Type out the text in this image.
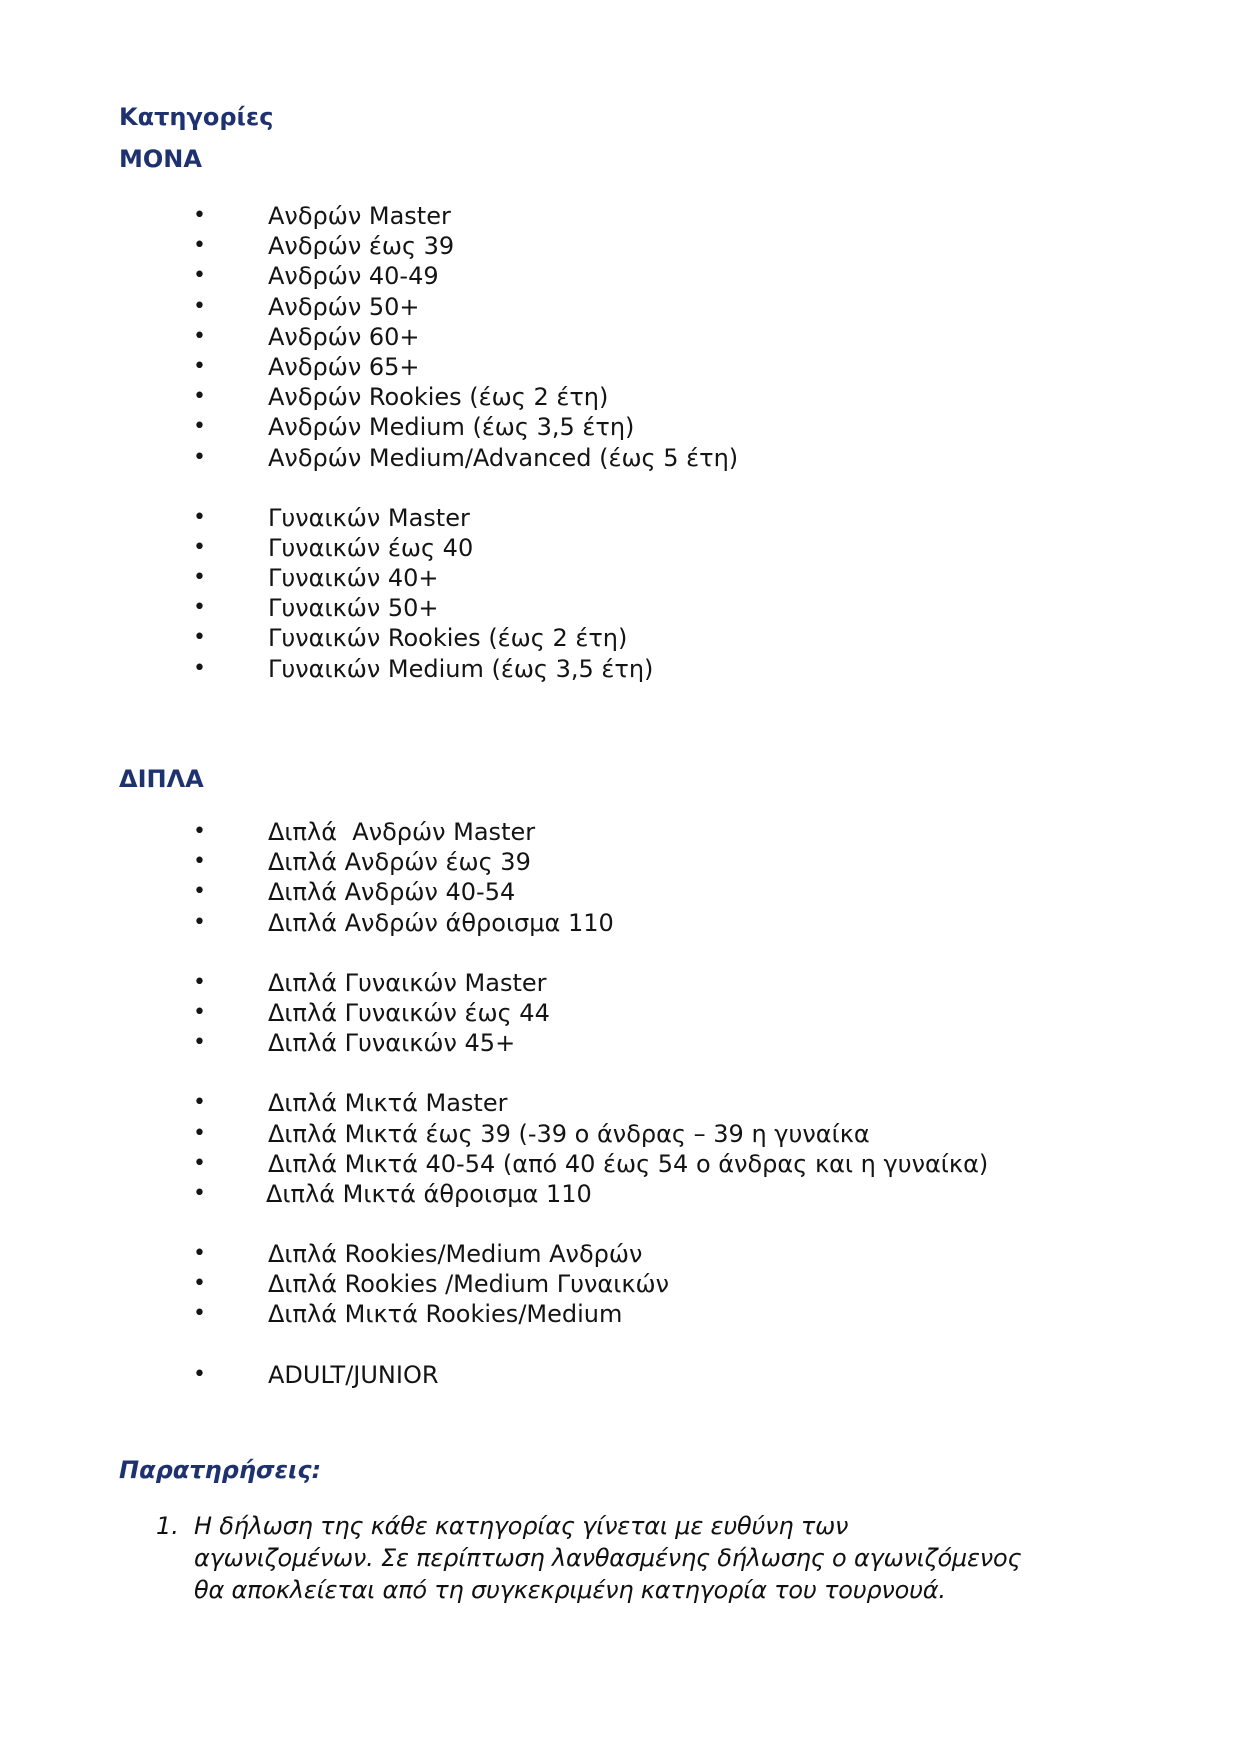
Κατηγορίες
ΜΟΝΑ
•	Ανδρών Master
•	Ανδρών έως 39
•	Ανδρών 40-49
•	Ανδρών 50+
•	Ανδρών 60+
•	Ανδρών 65+
•	Ανδρών Rookies (έως 2 έτη)
•	Ανδρών Medium (έως 3,5 έτη)
•	Ανδρών Medium/Advanced (έως 5 έτη)
•	Γυναικών Master
•	Γυναικών έως 40
•	Γυναικών 40+
•	Γυναικών 50+
•	Γυναικών Rookies (έως 2 έτη)
•	Γυναικών Medium (έως 3,5 έτη)
ΔΙΠΛΑ
•	Διπλά  Ανδρών Master
•	Διπλά Ανδρών έως 39
•	Διπλά Ανδρών 40-54
•	Διπλά Ανδρών άθροισμα 110
•	Διπλά Γυναικών Master
•	Διπλά Γυναικών έως 44
•	Διπλά Γυναικών 45+
•	Διπλά Μικτά Master
•	Διπλά Μικτά έως 39 (-39 ο άνδρας – 39 η γυναίκα
•	Διπλά Μικτά 40-54 (από 40 έως 54 ο άνδρας και η γυναίκα)
•	Διπλά Μικτά άθροισμα 110
•	Διπλά Rookies/Medium Ανδρών
•	Διπλά Rookies /Medium Γυναικών
•	Διπλά Μικτά Rookies/Medium
•	ADULT/JUNIOR
Παρατηρήσεις:
1. Η δήλωση της κάθε κατηγορίας γίνεται με ευθύνη των αγωνιζομένων. Σε περίπτωση λανθασμένης δήλωσης ο αγωνιζόμενος θα αποκλείεται από τη συγκεκριμένη κατηγορία του τουρνουά.
